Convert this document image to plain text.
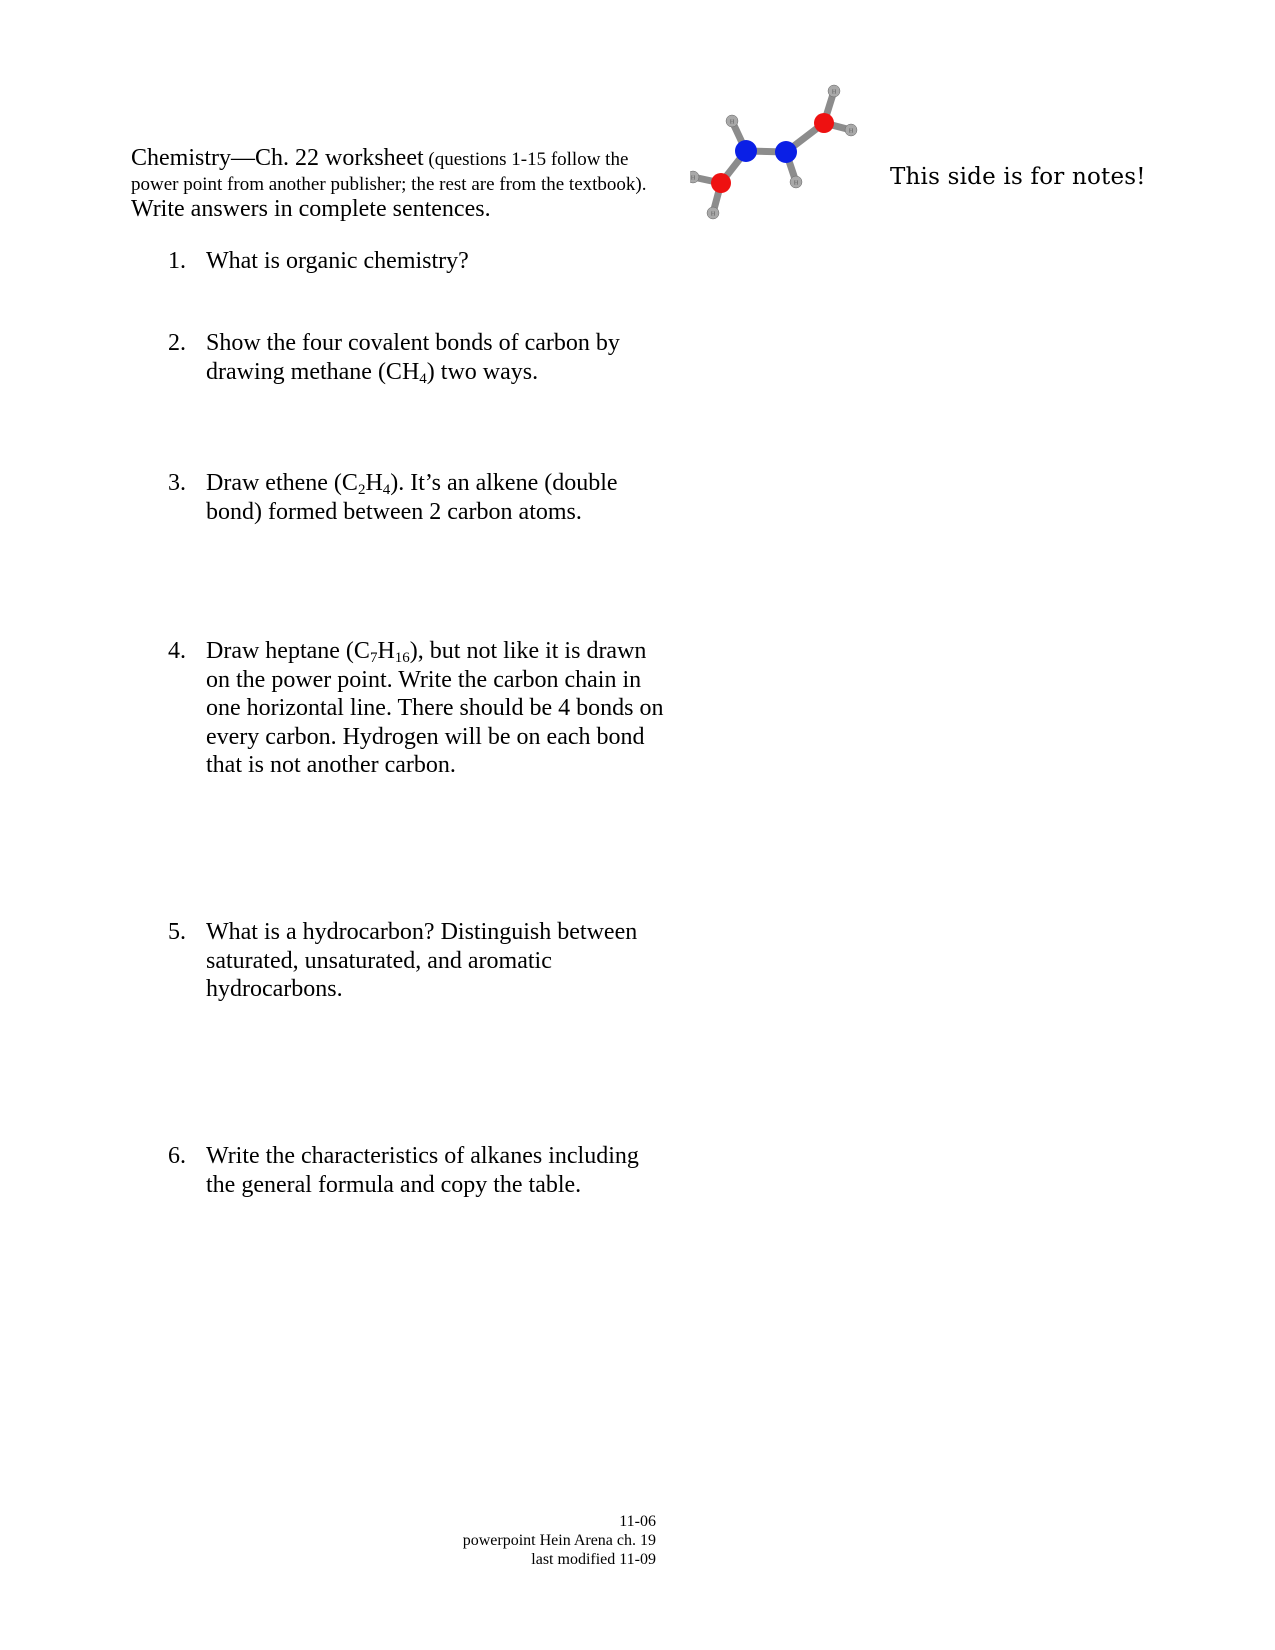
Chemistry—Ch. 22 worksheet (questions 1-15 follow the power point from another publisher; the rest are from the textbook). Write answers in complete sentences.
H
H
H
H
H
H
This side is for notes!
1. What is organic chemistry?
2. Show the four covalent bonds of carbon by drawing methane $(CH_4)$ two ways.
3. Draw ethene $(C_2H_4)$. It’s an alkene (double bond) formed between 2 carbon atoms.
4. Draw heptane $(C_7H_{16})$, but not like it is drawn on the power point. Write the carbon chain in one horizontal line. There should be 4 bonds on every carbon. Hydrogen will be on each bond that is not another carbon.
5. What is a hydrocarbon? Distinguish between saturated, unsaturated, and aromatic hydrocarbons.
6. Write the characteristics of alkanes including the general formula and copy the table.
11-06
powerpoint Hein Arena ch. 19
last modified 11-09
